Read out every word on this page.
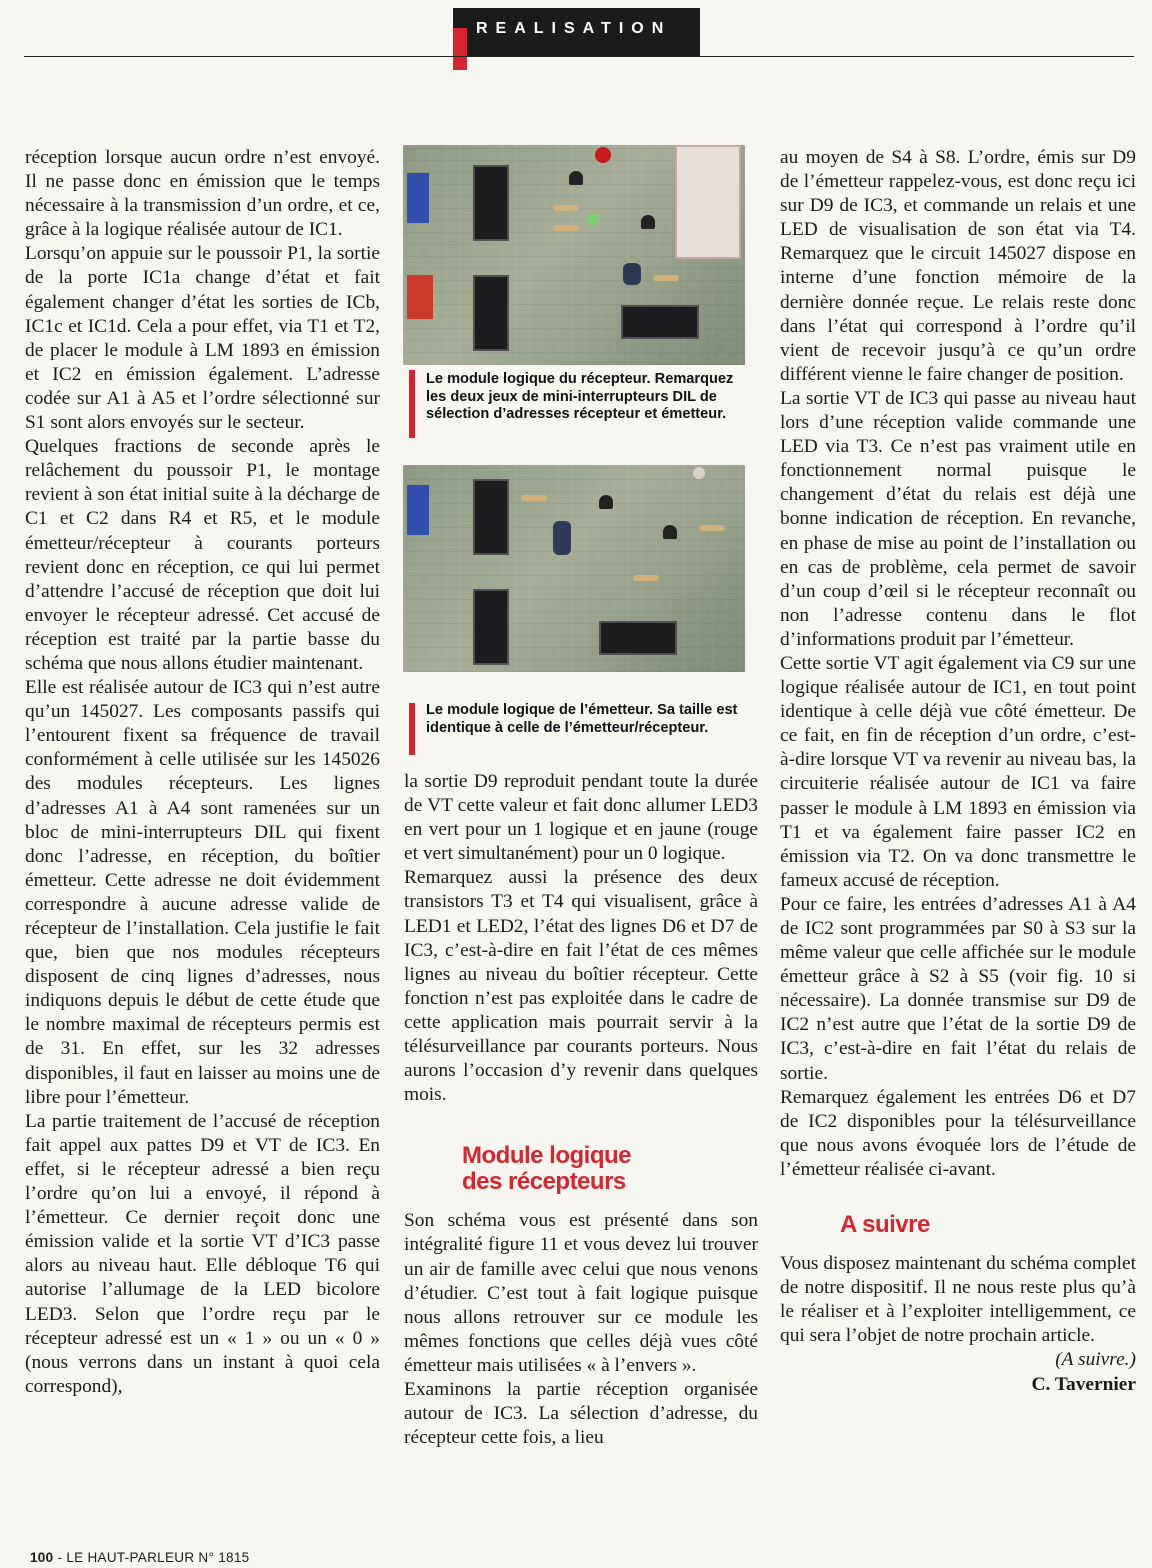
REALISATION

réception lorsque aucun ordre n’est envoyé. Il ne passe donc en émission que le temps nécessaire à la transmission d’un ordre, et ce, grâce à la logique réalisée autour de IC1.

Lorsqu’on appuie sur le poussoir P1, la sortie de la porte IC1a change d’état et fait également changer d’état les sorties de ICb, IC1c et IC1d. Cela a pour effet, via T1 et T2, de placer le module à LM 1893 en émission et IC2 en émission également. L’adresse codée sur A1 à A5 et l’ordre sélectionné sur S1 sont alors envoyés sur le secteur.

Quelques fractions de seconde après le relâchement du poussoir P1, le montage revient à son état initial suite à la décharge de C1 et C2 dans R4 et R5, et le module émetteur/récepteur à courants porteurs revient donc en réception, ce qui lui permet d’attendre l’accusé de réception que doit lui envoyer le récepteur adressé. Cet accusé de réception est traité par la partie basse du schéma que nous allons étudier maintenant.

Elle est réalisée autour de IC3 qui n’est autre qu’un 145027. Les composants passifs qui l’entourent fixent sa fréquence de travail conformément à celle utilisée sur les 145026 des modules récepteurs. Les lignes d’adresses A1 à A4 sont ramenées sur un bloc de mini-interrupteurs DIL qui fixent donc l’adresse, en réception, du boîtier émetteur. Cette adresse ne doit évidemment correspondre à aucune adresse valide de récepteur de l’installation. Cela justifie le fait que, bien que nos modules récepteurs disposent de cinq lignes d’adresses, nous indiquons depuis le début de cette étude que le nombre maximal de récepteurs permis est de 31. En effet, sur les 32 adresses disponibles, il faut en laisser au moins une de libre pour l’émetteur.

La partie traitement de l’accusé de réception fait appel aux pattes D9 et VT de IC3. En effet, si le récepteur adressé a bien reçu l’ordre qu’on lui a envoyé, il répond à l’émetteur. Ce dernier reçoit donc une émission valide et la sortie VT d’IC3 passe alors au niveau haut. Elle débloque T6 qui autorise l’allumage de la LED bicolore LED3. Selon que l’ordre reçu par le récepteur adressé est un « 1 » ou un « 0 » (nous verrons dans un instant à quoi cela correspond),

Le module logique du récepteur. Remarquez les deux jeux de mini-interrupteurs DIL de sélection d’adresses récepteur et émetteur.
Le module logique de l’émetteur. Sa taille est identique à celle de l’émetteur/récepteur.

la sortie D9 reproduit pendant toute la durée de VT cette valeur et fait donc allumer LED3 en vert pour un 1 logique et en jaune (rouge et vert simultanément) pour un 0 logique.

Remarquez aussi la présence des deux transistors T3 et T4 qui visualisent, grâce à LED1 et LED2, l’état des lignes D6 et D7 de IC3, c’est-à-dire en fait l’état de ces mêmes lignes au niveau du boîtier récepteur. Cette fonction n’est pas exploitée dans le cadre de cette application mais pourrait servir à la télésurveillance par courants porteurs. Nous aurons l’occasion d’y revenir dans quelques mois.

Module logique
des récepteurs

Son schéma vous est présenté dans son intégralité figure 11 et vous devez lui trouver un air de famille avec celui que nous venons d’étudier. C’est tout à fait logique puisque nous allons retrouver sur ce module les mêmes fonctions que celles déjà vues côté émetteur mais utilisées « à l’envers ».

Examinons la partie réception organisée autour de IC3. La sélection d’adresse, du récepteur cette fois, a lieu

au moyen de S4 à S8. L’ordre, émis sur D9 de l’émetteur rappelez-vous, est donc reçu ici sur D9 de IC3, et commande un relais et une LED de visualisation de son état via T4. Remarquez que le circuit 145027 dispose en interne d’une fonction mémoire de la dernière donnée reçue. Le relais reste donc dans l’état qui correspond à l’ordre qu’il vient de recevoir jusqu’à ce qu’un ordre différent vienne le faire changer de position.

La sortie VT de IC3 qui passe au niveau haut lors d’une réception valide commande une LED via T3. Ce n’est pas vraiment utile en fonctionnement normal puisque le changement d’état du relais est déjà une bonne indication de réception. En revanche, en phase de mise au point de l’installation ou en cas de problème, cela permet de savoir d’un coup d’œil si le récepteur reconnaît ou non l’adresse contenu dans le flot d’informations produit par l’émetteur.

Cette sortie VT agit également via C9 sur une logique réalisée autour de IC1, en tout point identique à celle déjà vue côté émetteur. De ce fait, en fin de réception d’un ordre, c’est-à-dire lorsque VT va revenir au niveau bas, la circuiterie réalisée autour de IC1 va faire passer le module à LM 1893 en émission via T1 et va également faire passer IC2 en émission via T2. On va donc transmettre le fameux accusé de réception.

Pour ce faire, les entrées d’adresses A1 à A4 de IC2 sont programmées par S0 à S3 sur la même valeur que celle affichée sur le module émetteur grâce à S2 à S5 (voir fig. 10 si nécessaire). La donnée transmise sur D9 de IC2 n’est autre que l’état de la sortie D9 de IC3, c’est-à-dire en fait l’état du relais de sortie.

Remarquez également les entrées D6 et D7 de IC2 disponibles pour la télésurveillance que nous avons évoquée lors de l’étude de l’émetteur réalisée ci-avant.

A suivre

Vous disposez maintenant du schéma complet de notre dispositif. Il ne nous reste plus qu’à le réaliser et à l’exploiter intelligemment, ce qui sera l’objet de notre prochain article.

(A suivre.)

C. Tavernier

100 - LE HAUT-PARLEUR N° 1815
